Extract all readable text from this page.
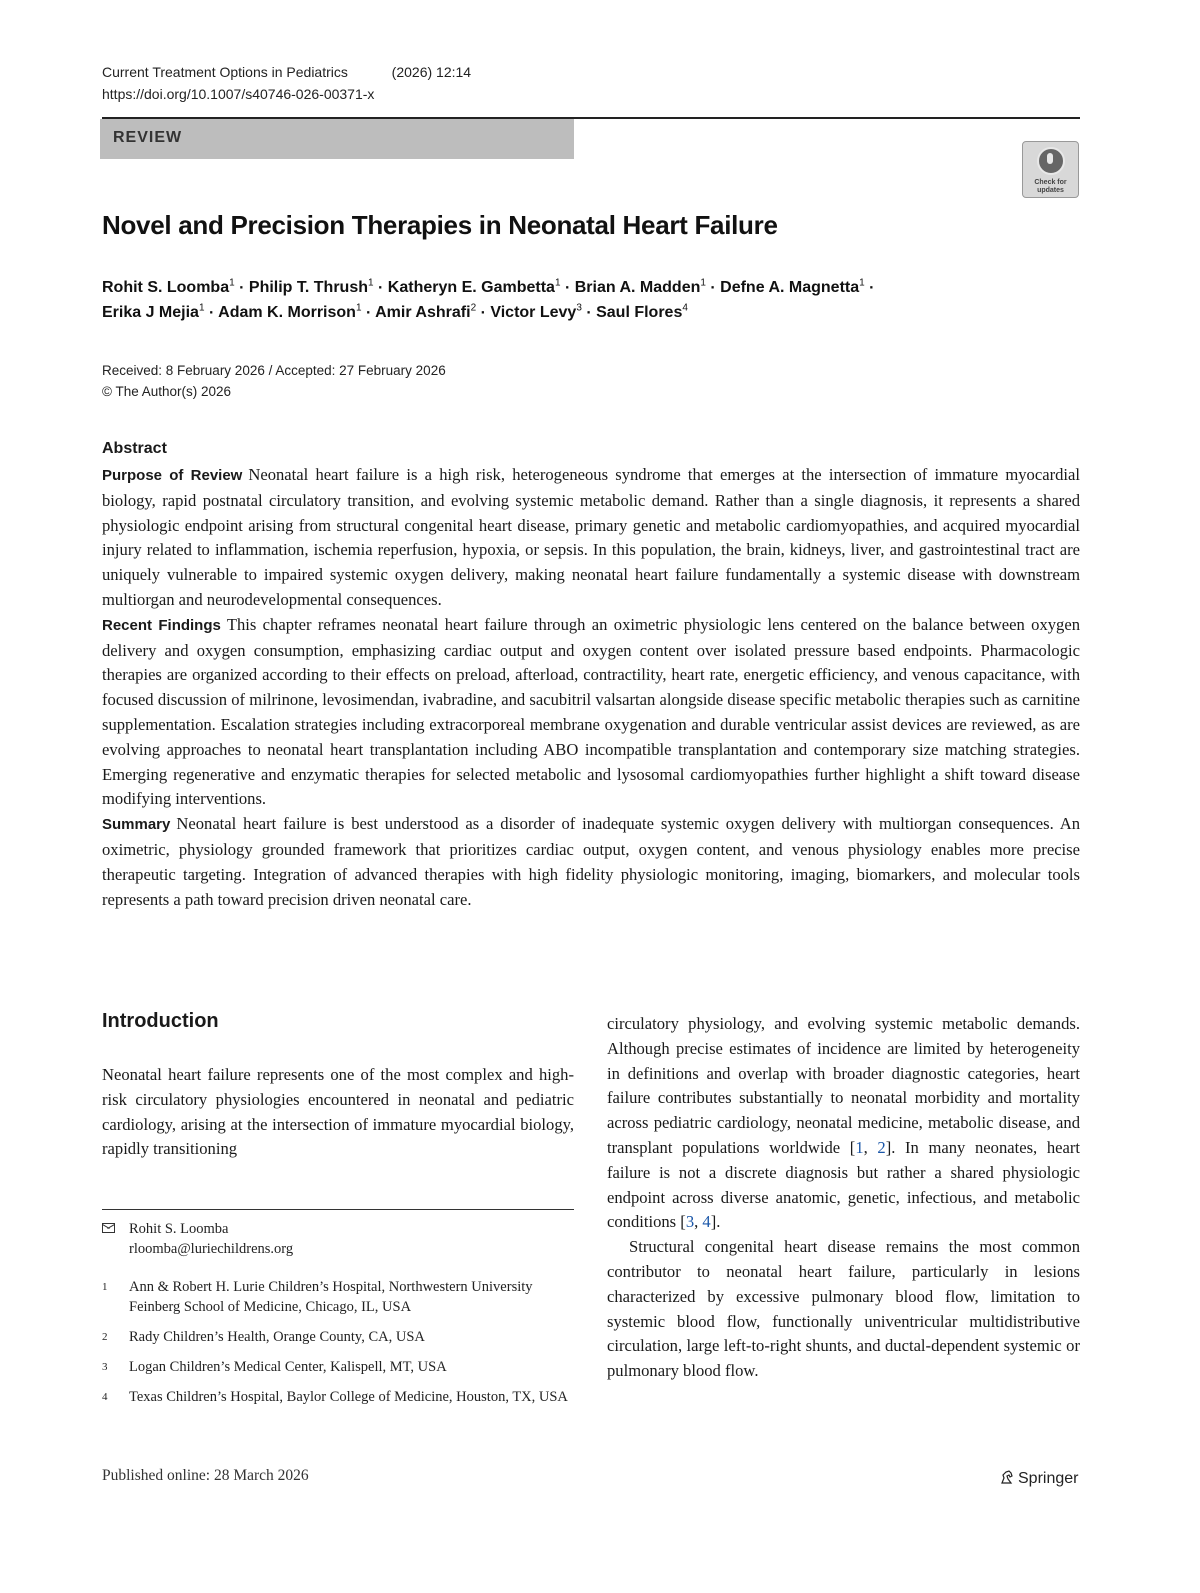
Current Treatment Options in Pediatrics	(2026) 12:14
https://doi.org/10.1007/s40746-026-00371-x
REVIEW
Check for
updates
Novel and Precision Therapies in Neonatal Heart Failure
Rohit S. Loomba$^1$ · Philip T. Thrush$^1$ · Katheryn E. Gambetta$^1$ · Brian A. Madden$^1$ · Defne A. Magnetta$^1$ ·
Erika J Mejia$^1$ · Adam K. Morrison$^1$ · Amir Ashrafi$^2$ · Victor Levy$^3$ · Saul Flores$^4$
Received: 8 February 2026 / Accepted: 27 February 2026
© The Author(s) 2026
Abstract

Purpose of Review Neonatal heart failure is a high risk, heterogeneous syndrome that emerges at the intersection of immature myocardial biology, rapid postnatal circulatory transition, and evolving systemic metabolic demand. Rather than a single diagnosis, it represents a shared physiologic endpoint arising from structural congenital heart disease, primary genetic and metabolic cardiomyopathies, and acquired myocardial injury related to inflammation, ischemia reperfusion, hypoxia, or sepsis. In this population, the brain, kidneys, liver, and gastrointestinal tract are uniquely vulnerable to impaired systemic oxygen delivery, making neonatal heart failure fundamentally a systemic disease with downstream multiorgan and neurodevelopmental consequences.

Recent Findings This chapter reframes neonatal heart failure through an oximetric physiologic lens centered on the balance between oxygen delivery and oxygen consumption, emphasizing cardiac output and oxygen content over isolated pressure based endpoints. Pharmacologic therapies are organized according to their effects on preload, afterload, contractility, heart rate, energetic efficiency, and venous capacitance, with focused discussion of milrinone, levosimendan, ivabradine, and sacubitril valsartan alongside disease specific metabolic therapies such as carnitine supplementation. Escalation strategies including extracorporeal membrane oxygenation and durable ventricular assist devices are reviewed, as are evolving approaches to neonatal heart transplantation including ABO incompatible transplantation and contemporary size matching strategies. Emerging regenerative and enzymatic therapies for selected metabolic and lysosomal cardiomyopathies further highlight a shift toward disease modifying interventions.

Summary Neonatal heart failure is best understood as a disorder of inadequate systemic oxygen delivery with multiorgan consequences. An oximetric, physiology grounded framework that prioritizes cardiac output, oxygen content, and venous physiology enables more precise therapeutic targeting. Integration of advanced therapies with high fidelity physiologic monitoring, imaging, biomarkers, and molecular tools represents a path toward precision driven neonatal care.

Introduction

Neonatal heart failure represents one of the most complex and high-risk circulatory physiologies encountered in neonatal and pediatric cardiology, arising at the intersection of immature myocardial biology, rapidly transitioning

circulatory physiology, and evolving systemic metabolic demands. Although precise estimates of incidence are limited by heterogeneity in definitions and overlap with broader diagnostic categories, heart failure contributes substantially to neonatal morbidity and mortality across pediatric cardiology, neonatal medicine, metabolic disease, and transplant populations worldwide [1, 2]. In many neonates, heart failure is not a discrete diagnosis but rather a shared physiologic endpoint across diverse anatomic, genetic, infectious, and metabolic conditions [3, 4].

Structural congenital heart disease remains the most common contributor to neonatal heart failure, particularly in lesions characterized by excessive pulmonary blood flow, limitation to systemic blood flow, functionally univentricular multidistributive circulation, large left-to-right shunts, and ductal-dependent systemic or pulmonary blood flow.

Rohit S. Loomba
rloomba@luriechildrens.org
1 Ann & Robert H. Lurie Children’s Hospital, Northwestern University Feinberg School of Medicine, Chicago, IL, USA
2 Rady Children’s Health, Orange County, CA, USA
3 Logan Children’s Medical Center, Kalispell, MT, USA
4 Texas Children’s Hospital, Baylor College of Medicine, Houston, TX, USA
Published online: 28 March 2026	Springer
